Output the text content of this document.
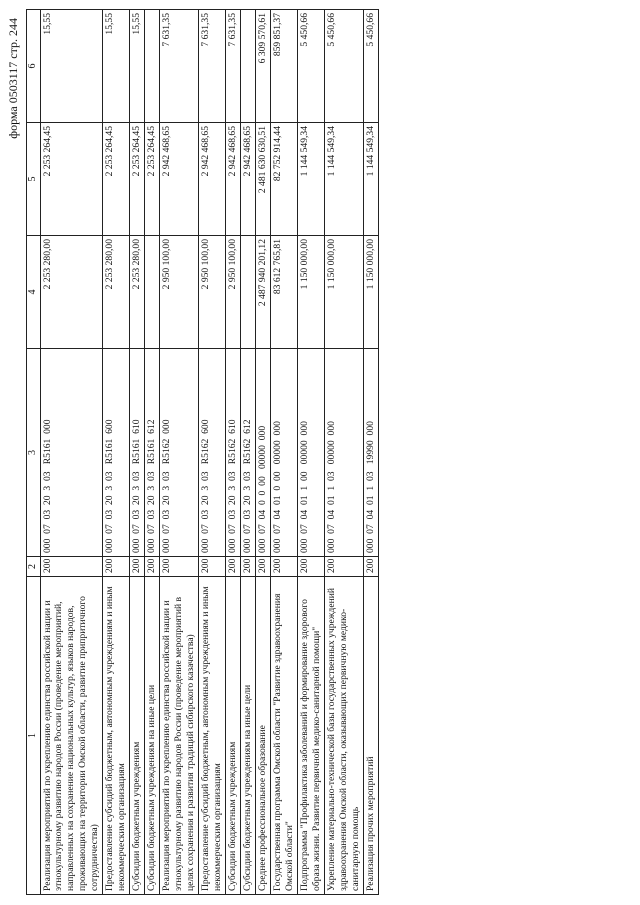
форма 0503117 стр. 244
1	2	3	4	5	6
Реализация мероприятий по укреплению единства российской нации и этнокультурному развитию народов России (проведение мероприятий, направленных на сохранение национальных культур, языков народов, проживающих на территории Омской области, развитие припритичного сотрудничества)	200	000  07  03  20  3  03   R5161  000	2 253 280,00	2 253 264,45	15,55
Предоставление субсидий бюджетным, автономным учреждениям и иным некоммерческим организациям	200	000  07  03  20  3  03   R5161  600	2 253 280,00	2 253 264,45	15,55
Субсидии бюджетным учреждениям	200	000  07  03  20  3  03   R5161  610	2 253 280,00	2 253 264,45	15,55
Субсидии бюджетным учреждениям на иные цели	200	000  07  03  20  3  03   R5161  612		2 253 264,45	
Реализация мероприятий по укреплению единства российской нации и этнокультурному развитию народов России (проведение мероприятий в целях сохранения и развития традиций сибирского казачества)	200	000  07  03  20  3  03   R5162  000	2 950 100,00	2 942 468,65	7 631,35
Предоставление субсидий бюджетным, автономным учреждениям и иным некоммерческим организациям	200	000  07  03  20  3  03   R5162  600	2 950 100,00	2 942 468,65	7 631,35
Субсидии бюджетным учреждениям	200	000  07  03  20  3  03   R5162  610	2 950 100,00	2 942 468,65	7 631,35
Субсидии бюджетным учреждениям на иные цели	200	000  07  03  20  3  03   R5162  612		2 942 468,65	
Среднее профессиональное образование	200	000  07  04  0  0  00   00000  000	2 487 940 201,12	2 481 630 630,51	6 309 570,61
Государственная программа Омской области "Развитие здравоохранения Омской области"	200	000  07  04  01  0  00   00000  000	83 612 765,81	82 752 914,44	859 851,37
Подпрограмма "Профилактика заболеваний и формирование здорового образа жизни. Развитие первичной медико-санитарной помощи"	200	000  07  04  01  1  00   00000  000	1 150 000,00	1 144 549,34	5 450,66
Укрепление материально-технической базы государственных учреждений здравоохранения Омской области, оказывающих первичную медико-санитарную помощь	200	000  07  04  01  1  03   00000  000	1 150 000,00	1 144 549,34	5 450,66
Реализация прочих мероприятий	200	000  07  04  01  1  03   19990  000	1 150 000,00	1 144 549,34	5 450,66
